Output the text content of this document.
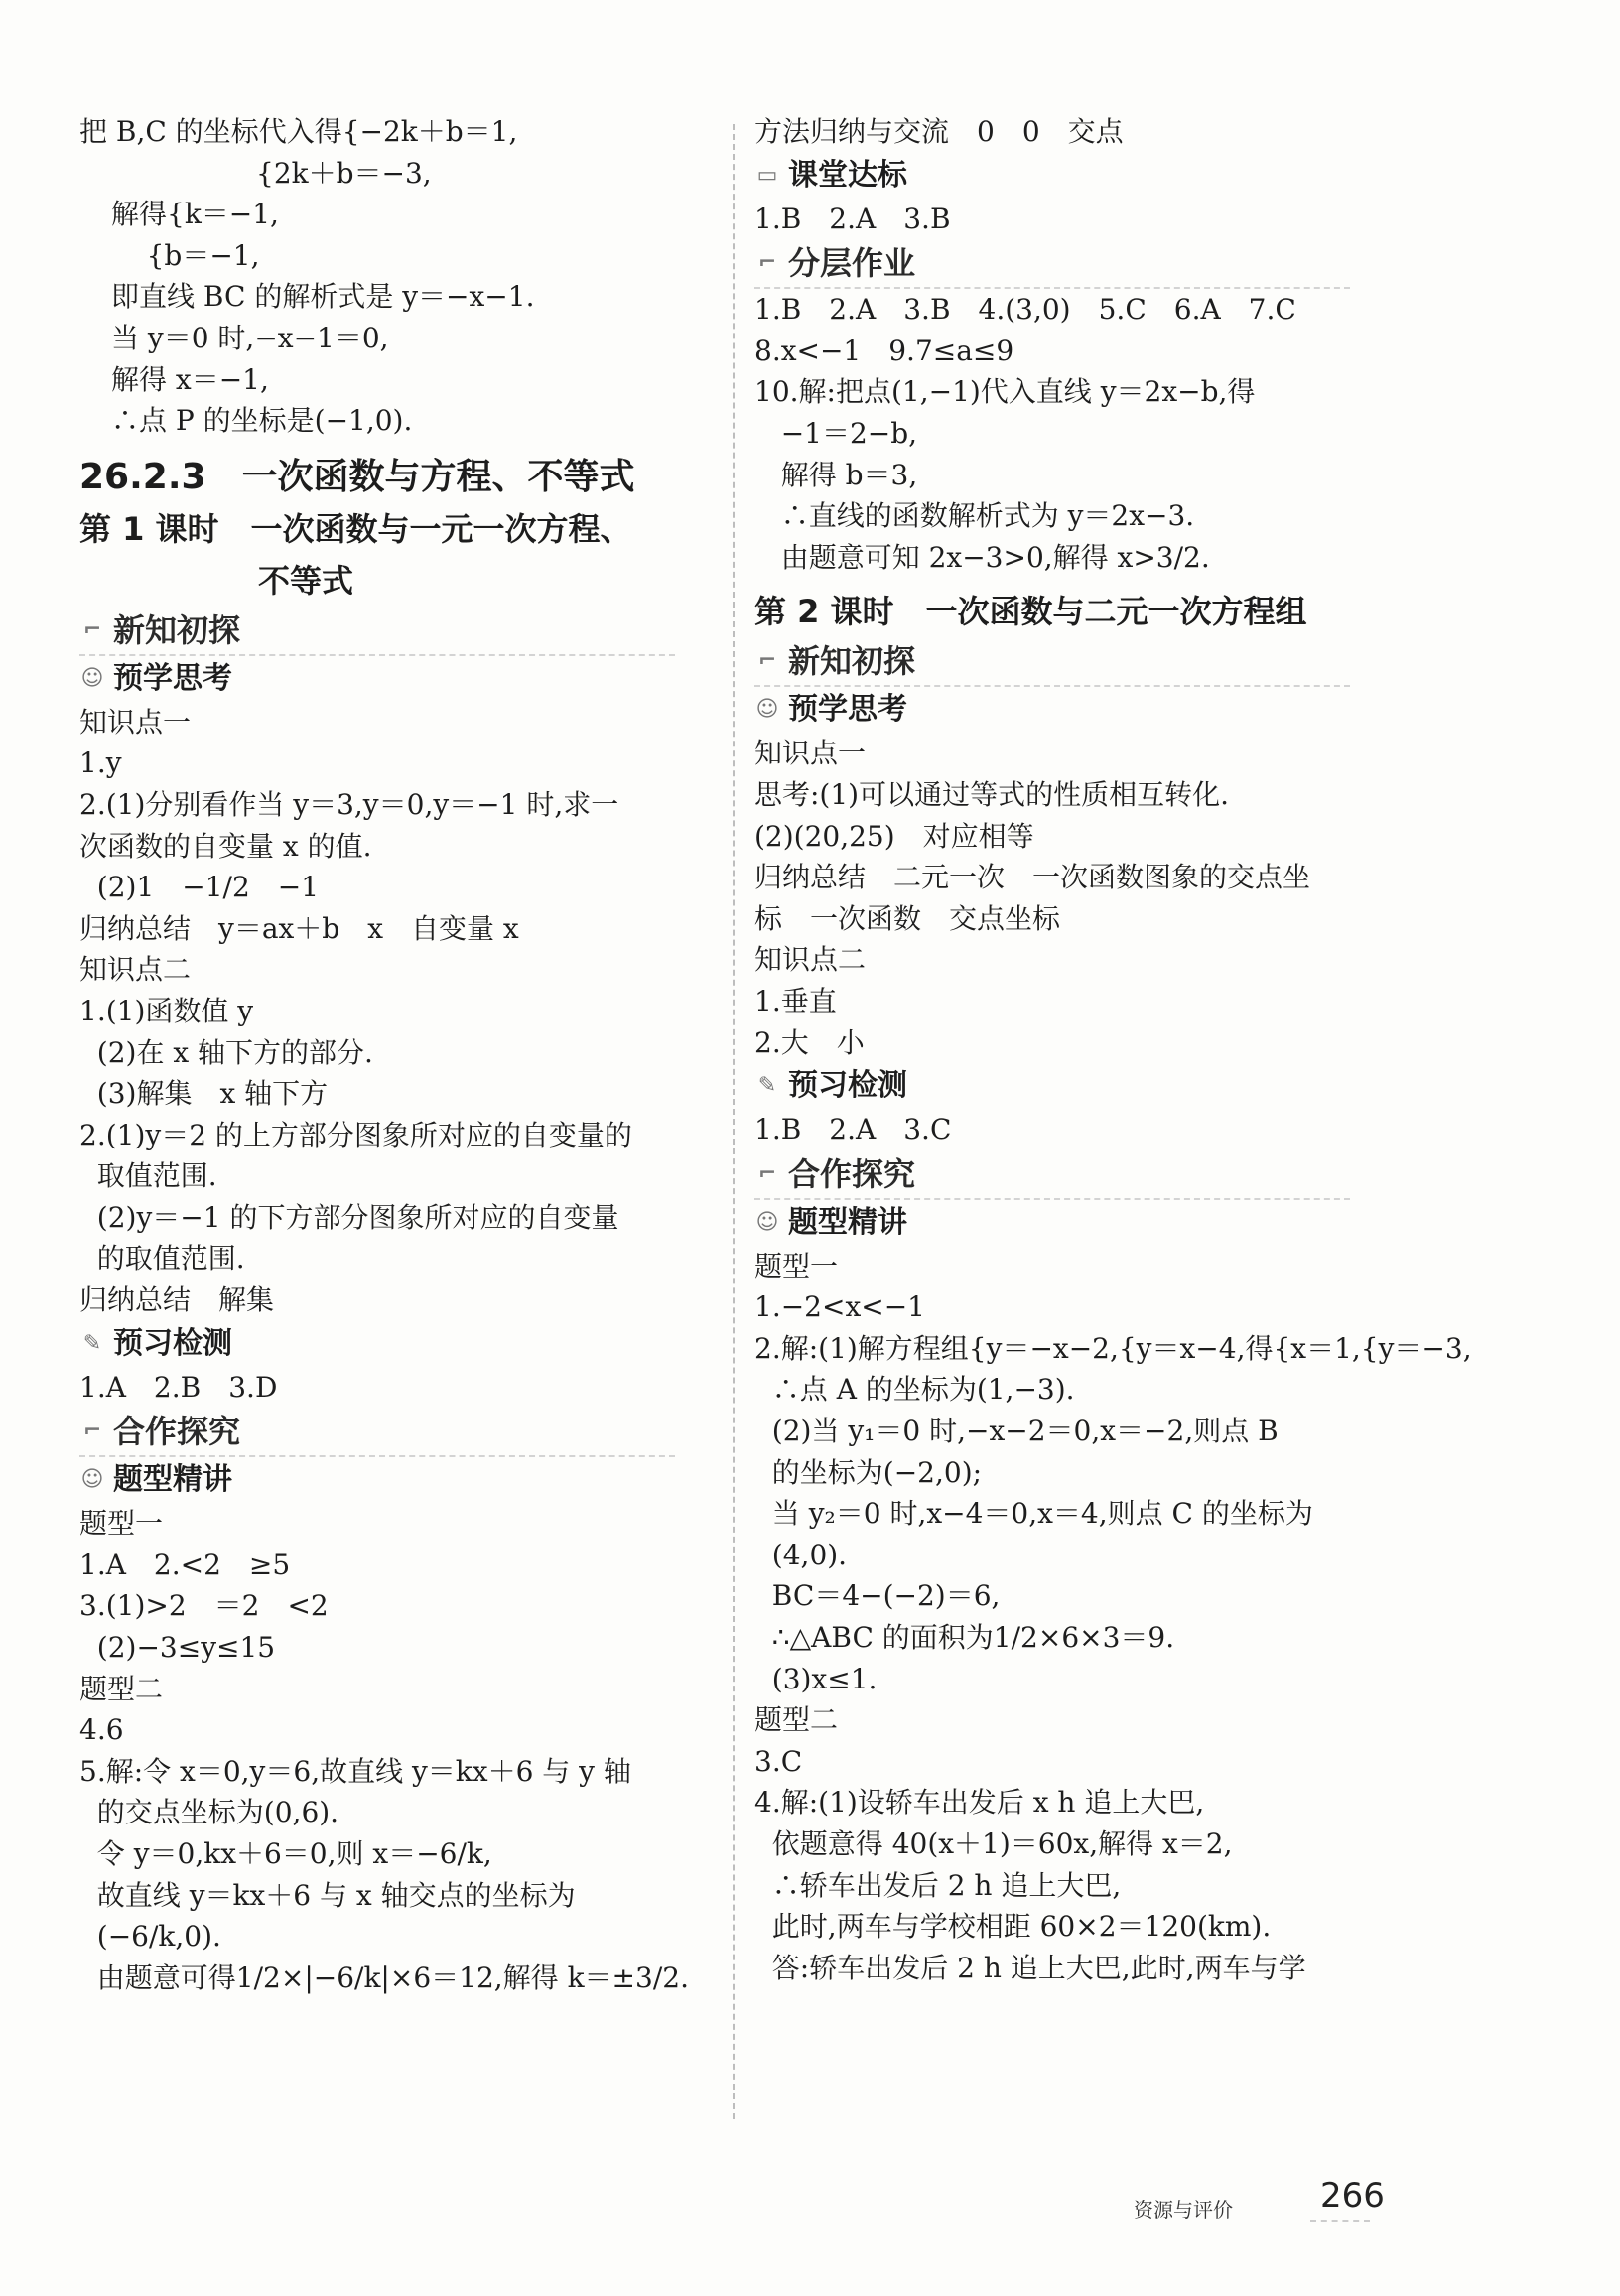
把 B,C 的坐标代入得{−2k＋b＝1,
{2k＋b＝−3,
解得{k＝−1,
{b＝−1,
即直线 BC 的解析式是 y＝−x−1.
当 y＝0 时,−x−1＝0,
解得 x＝−1,
∴点 P 的坐标是(−1,0).
26.2.3　一次函数与方程、不等式
第 1 课时　一次函数与一元一次方程、
不等式
⌐ 新知初探
☺ 预学思考
知识点一
1.y
2.(1)分别看作当 y＝3,y＝0,y＝−1 时,求一
次函数的自变量 x 的值.
(2)1　−1/2　−1
归纳总结　y＝ax＋b　x　自变量 x
知识点二
1.(1)函数值 y
(2)在 x 轴下方的部分.
(3)解集　x 轴下方
2.(1)y＝2 的上方部分图象所对应的自变量的
取值范围.
(2)y＝−1 的下方部分图象所对应的自变量
的取值范围.
归纳总结　解集
✎ 预习检测
1.A　2.B　3.D
⌐ 合作探究
☺ 题型精讲
题型一
1.A　2.<2　≥5
3.(1)>2　＝2　<2
(2)−3≤y≤15
题型二
4.6
5.解:令 x＝0,y＝6,故直线 y＝kx＋6 与 y 轴
的交点坐标为(0,6).
令 y＝0,kx＋6＝0,则 x＝−6/k,
故直线 y＝kx＋6 与 x 轴交点的坐标为
(−6/k,0).
由题意可得1/2×|−6/k|×6＝12,解得 k＝±3/2.
方法归纳与交流　0　0　交点
▭ 课堂达标
1.B　2.A　3.B
⌐ 分层作业
1.B　2.A　3.B　4.(3,0)　5.C　6.A　7.C
8.x<−1　9.7≤a≤9
10.解:把点(1,−1)代入直线 y＝2x−b,得
−1＝2−b,
解得 b＝3,
∴直线的函数解析式为 y＝2x−3.
由题意可知 2x−3>0,解得 x>3/2.
第 2 课时　一次函数与二元一次方程组
⌐ 新知初探
☺ 预学思考
知识点一
思考:(1)可以通过等式的性质相互转化.
(2)(20,25)　对应相等
归纳总结　二元一次　一次函数图象的交点坐
标　一次函数　交点坐标
知识点二
1.垂直
2.大　小
✎ 预习检测
1.B　2.A　3.C
⌐ 合作探究
☺ 题型精讲
题型一
1.−2<x<−1
2.解:(1)解方程组{y＝−x−2,{y＝x−4,得{x＝1,{y＝−3,
∴点 A 的坐标为(1,−3).
(2)当 y₁＝0 时,−x−2＝0,x＝−2,则点 B
的坐标为(−2,0);
当 y₂＝0 时,x−4＝0,x＝4,则点 C 的坐标为
(4,0).
BC＝4−(−2)＝6,
∴△ABC 的面积为1/2×6×3＝9.
(3)x≤1.
题型二
3.C
4.解:(1)设轿车出发后 x h 追上大巴,
依题意得 40(x＋1)＝60x,解得 x＝2,
∴轿车出发后 2 h 追上大巴,
此时,两车与学校相距 60×2＝120(km).
答:轿车出发后 2 h 追上大巴,此时,两车与学
资源与评价	266
